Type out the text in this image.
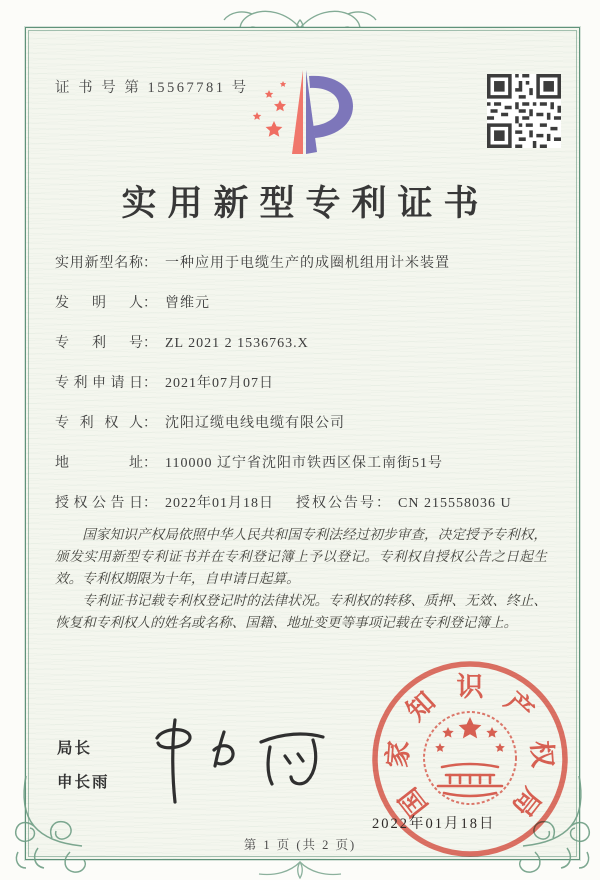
证 书 号 第 15567781 号
实用新型专利证书
实用新型名称： 一种应用于电缆生产的成圈机组用计米装置
发明人： 曾维元
专利号： ZL 2021 2 1536763.X
专利申请日： 2021年07月07日
专利权人： 沈阳辽缆电线电缆有限公司
地址： 110000 辽宁省沈阳市铁西区保工南街51号
授权公告日： 2022年01月18日 授权公告号： CN 215558036 U

国家知识产权局依照中华人民共和国专利法经过初步审查，决定授予专利权，颁发实用新型专利证书并在专利登记簿上予以登记。专利权自授权公告之日起生效。专利权期限为十年，自申请日起算。

专利证书记载专利权登记时的法律状况。专利权的转移、质押、无效、终止、恢复和专利权人的姓名或名称、国籍、地址变更等事项记载在专利登记簿上。

局长
申长雨	国
家
知 识 产
权
局
2022年01月18日
第 1 页 (共 2 页)
